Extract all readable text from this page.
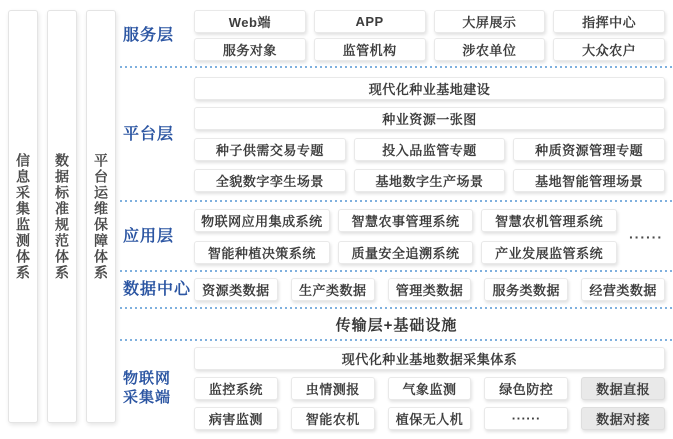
信息采集监测体系 数据标准规范体系 平台运维保障体系
服务层
Web端	APP	大屏展示	指挥中心
服务对象	监管机构	涉农单位	大众农户
平台层
现代化种业基地建设
种业资源一张图
种子供需交易专题	投入品监管专题	种质资源管理专题
全貌数字孪生场景	基地数字生产场景	基地智能管理场景
应用层
物联网应用集成系统	智慧农事管理系统	智慧农机管理系统
智能种植决策系统	质量安全追溯系统	产业发展监管系统
······
数据中心 资源类数据	生产类数据	管理类数据	服务类数据	经营类数据
传输层+基础设施
物联网
采集端
现代化种业基地数据采集体系
监控系统	虫情测报	气象监测	绿色防控	数据直报
病害监测	智能农机	植保无人机	······	数据对接
